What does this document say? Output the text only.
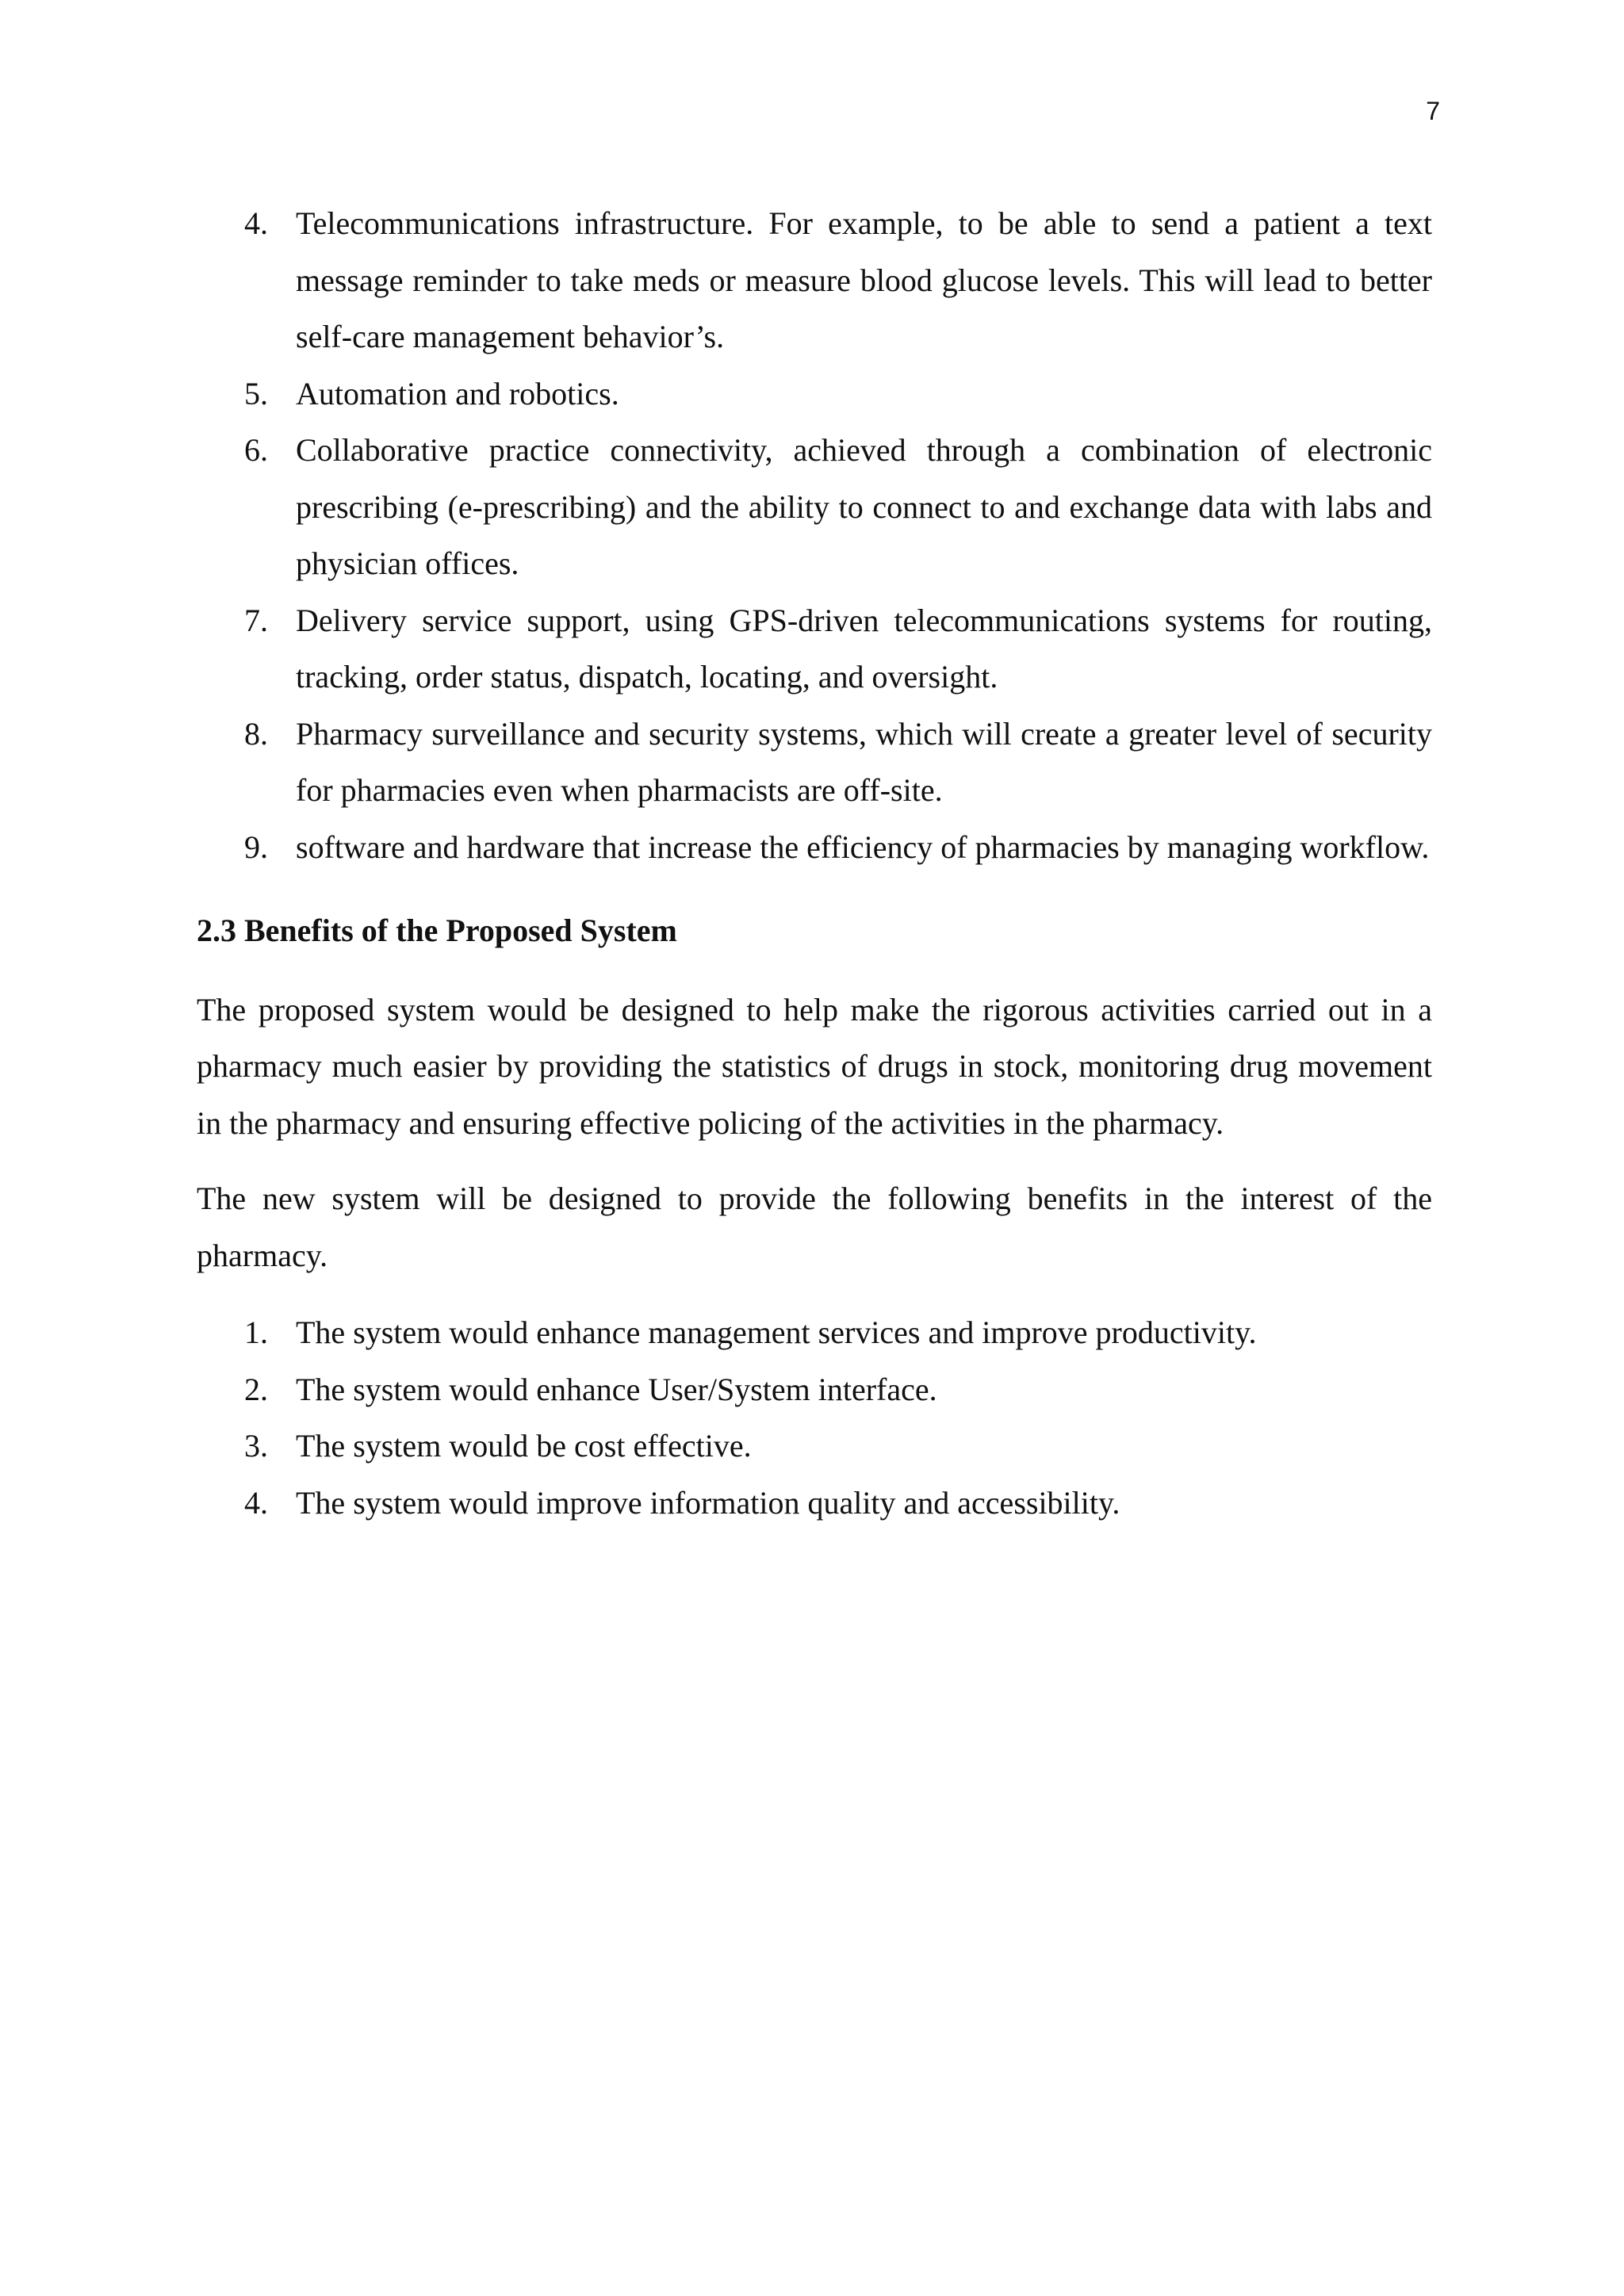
7
4. Telecommunications infrastructure. For example, to be able to send a patient a text message reminder to take meds or measure blood glucose levels. This will lead to better self-care management behavior’s.
5. Automation and robotics.
6. Collaborative practice connectivity, achieved through a combination of electronic prescribing (e-prescribing) and the ability to connect to and exchange data with labs and physician offices.
7. Delivery service support, using GPS-driven telecommunications systems for routing, tracking, order status, dispatch, locating, and oversight.
8. Pharmacy surveillance and security systems, which will create a greater level of security for pharmacies even when pharmacists are off-site.
9. software and hardware that increase the efficiency of pharmacies by managing workflow.
2.3 Benefits of the Proposed System

The proposed system would be designed to help make the rigorous activities carried out in a pharmacy much easier by providing the statistics of drugs in stock, monitoring drug movement in the pharmacy and ensuring effective policing of the activities in the pharmacy.

The new system will be designed to provide the following benefits in the interest of the pharmacy.

1. The system would enhance management services and improve productivity.
2. The system would enhance User/System interface.
3. The system would be cost effective.
4. The system would improve information quality and accessibility.
